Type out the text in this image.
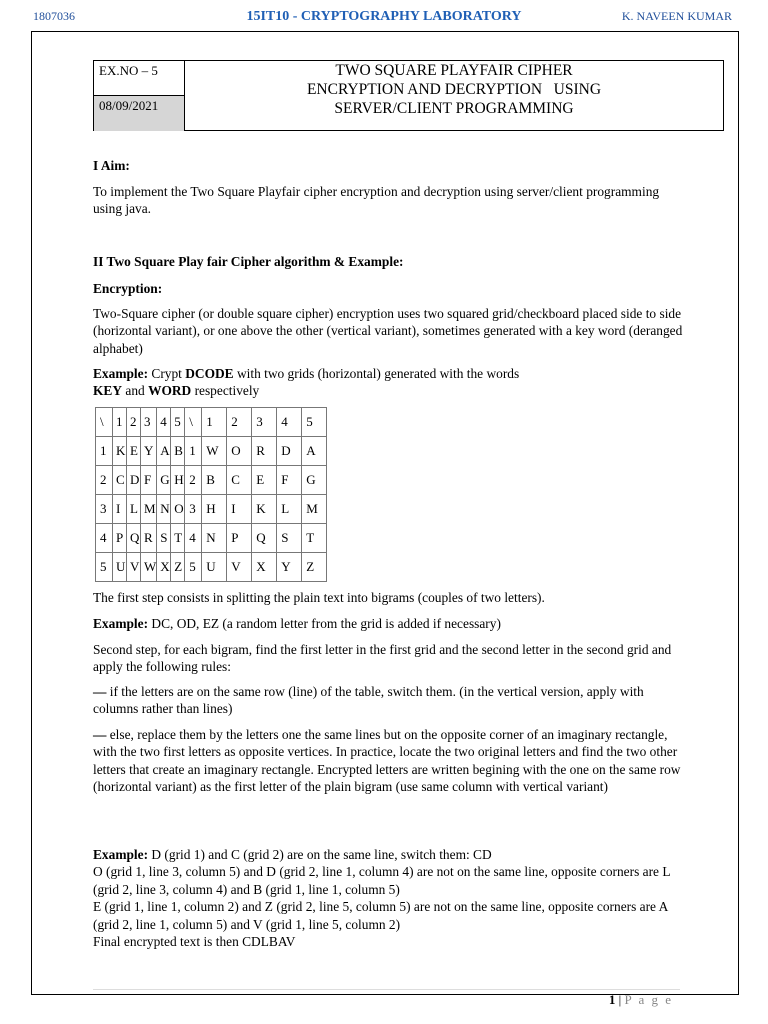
1807036	15IT10 - CRYPTOGRAPHY LABORATORY	K. NAVEEN KUMAR
EX.NO – 5
08/09/2021
TWO SQUARE PLAYFAIR CIPHER
ENCRYPTION AND DECRYPTION   USING
SERVER/CLIENT PROGRAMMING
I Aim:
To implement the Two Square Playfair cipher encryption and decryption using server/client programming using java.
II Two Square Play fair Cipher algorithm & Example:
Encryption:
Two-Square cipher (or double square cipher) encryption uses two squared grid/checkboard placed side to side (horizontal variant), or one above the other (vertical variant), sometimes generated with a key word (deranged alphabet)
Example: Crypt DCODE with two grids (horizontal) generated with the words KEY and WORD respectively
\	1	2	3	4	5	\	1	2	3	4	5
1	K	E	Y	A	B	1	W	O	R	D	A
2	C	D	F	G	H	2	B	C	E	F	G
3	I	L	M	N	O	3	H	I	K	L	M
4	P	Q	R	S	T	4	N	P	Q	S	T
5	U	V	W	X	Z	5	U	V	X	Y	Z
The first step consists in splitting the plain text into bigrams (couples of two letters).
Example: DC, OD, EZ (a random letter from the grid is added if necessary)
Second step, for each bigram, find the first letter in the first grid and the second letter in the second grid and apply the following rules:
— if the letters are on the same row (line) of the table, switch them. (in the vertical version, apply with columns rather than lines)
— else, replace them by the letters one the same lines but on the opposite corner of an imaginary rectangle, with the two first letters as opposite vertices. In practice, locate the two original letters and find the two other letters that create an imaginary rectangle. Encrypted letters are written begining with the one on the same row (horizontal variant) as the first letter of the plain bigram (use same column with vertical variant)
Example: D (grid 1) and C (grid 2) are on the same line, switch them: CD
O (grid 1, line 3, column 5) and D (grid 2, line 1, column 4) are not on the same line, opposite corners are L (grid 2, line 3, column 4) and B (grid 1, line 1, column 5)
E (grid 1, line 1, column 2) and Z (grid 2, line 5, column 5) are not on the same line, opposite corners are A (grid 2, line 1, column 5) and V (grid 1, line 5, column 2)
Final encrypted text is then CDLBAV
1 | P a g e
